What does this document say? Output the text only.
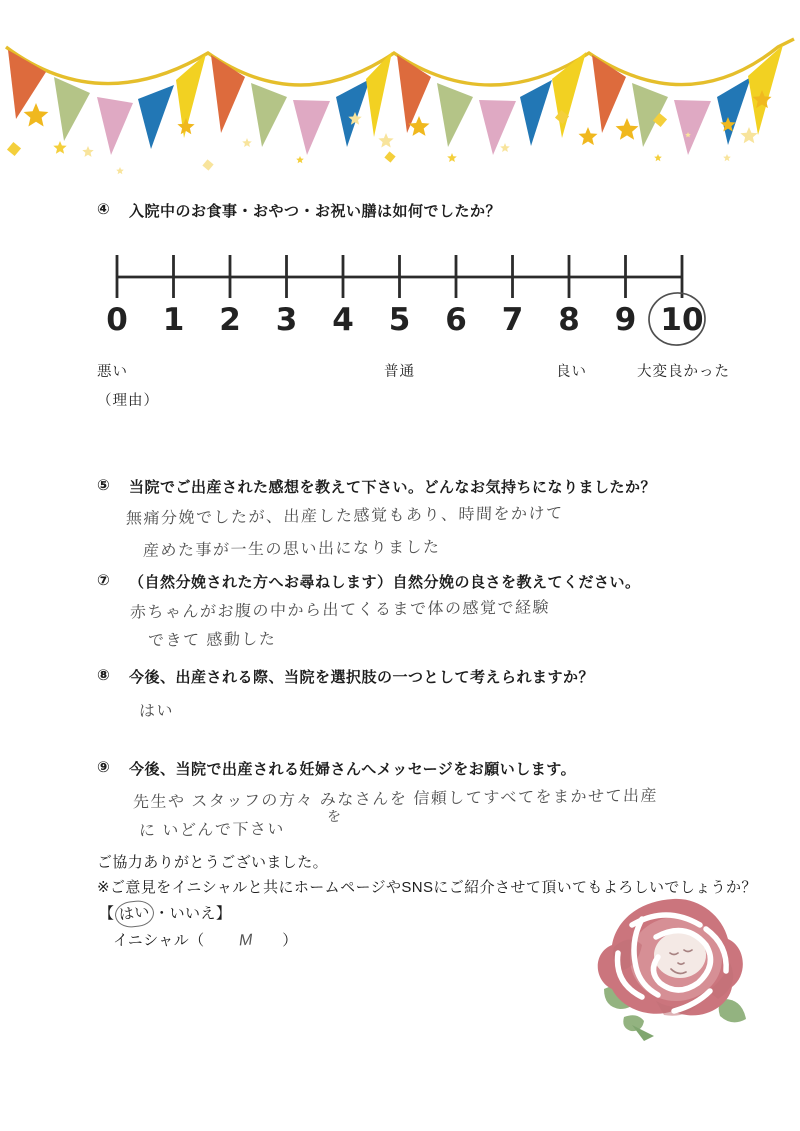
④	入院中のお食事・おやつ・お祝い膳は如何でしたか？
0 1 2 3 4 5 6 7 8 9 10
悪い	普通	良い	大変良かった
（理由）
⑤	当院でご出産された感想を教えて下さい。どんなお気持ちになりましたか？
無痛分娩でしたが、出産した感覚もあり、時間をかけて
産めた事が一生の思い出になりました
⑦	（自然分娩された方へお尋ねします）自然分娩の良さを教えてください。
赤ちゃんがお腹の中から出てくるまで体の感覚で経験
できて 感動した
⑧	今後、出産される際、当院を選択肢の一つとして考えられますか？
はい
⑨	今後、当院で出産される妊婦さんへメッセージをお願いします。
先生や スタッフの方々 みなさんを 信頼してすべてをまかせて出産
を
に いどんで下さい
ご協力ありがとうございました。
※ご意見をイニシャルと共にホームページやSNSにご紹介させて頂いてもよろしいでしょうか？
【 はい ・いいえ】
イニシャル（ M ）
